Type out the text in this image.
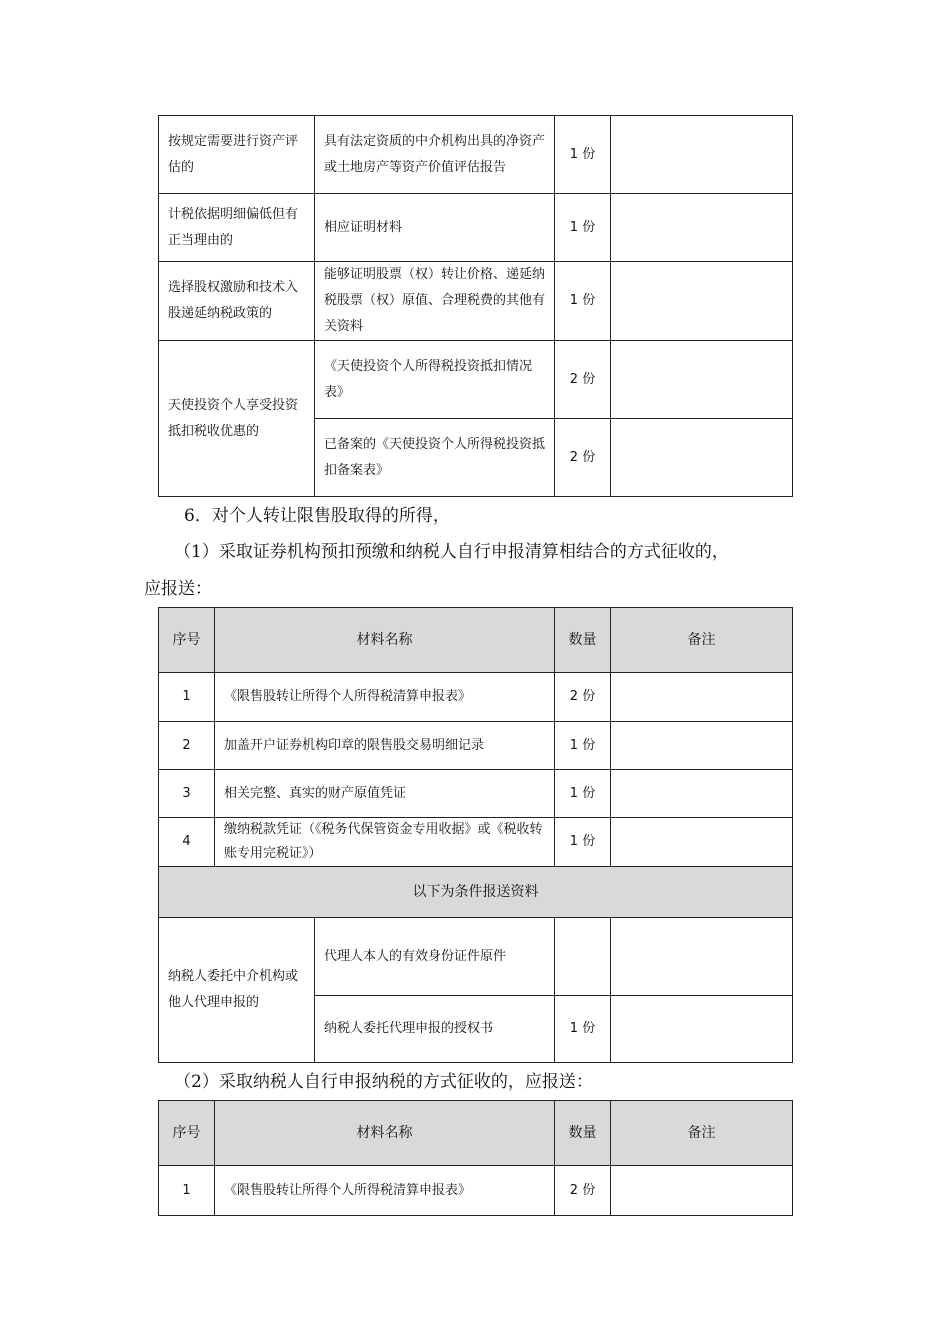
按规定需要进行资产评估的	具有法定资质的中介机构出具的净资产或土地房产等资产价值评估报告	1 份	
计税依据明细偏低但有正当理由的	相应证明材料	1 份	
选择股权激励和技术入股递延纳税政策的	能够证明股票（权）转让价格、递延纳税股票（权）原值、合理税费的其他有关资料	1 份	
天使投资个人享受投资抵扣税收优惠的	《天使投资个人所得税投资抵扣情况表》	2 份	
	已备案的《天使投资个人所得税投资抵扣备案表》	2 份	

6．对个人转让限售股取得的所得，

（1）采取证券机构预扣预缴和纳税人自行申报清算相结合的方式征收的，

应报送：

序号	材料名称		数量	备注
1	《限售股转让所得个人所得税清算申报表》		2 份	
2	加盖开户证券机构印章的限售股交易明细记录		1 份	
3	相关完整、真实的财产原值凭证		1 份	
4	缴纳税款凭证（《税务代保管资金专用收据》或《税收转账专用完税证》）		1 份	
以下为条件报送资料				
纳税人委托中介机构或他人代理申报的		代理人本人的有效身份证件原件		
		纳税人委托代理申报的授权书	1 份	

（2）采取纳税人自行申报纳税的方式征收的，应报送：

序号	材料名称	数量	备注
1	《限售股转让所得个人所得税清算申报表》	2 份	
